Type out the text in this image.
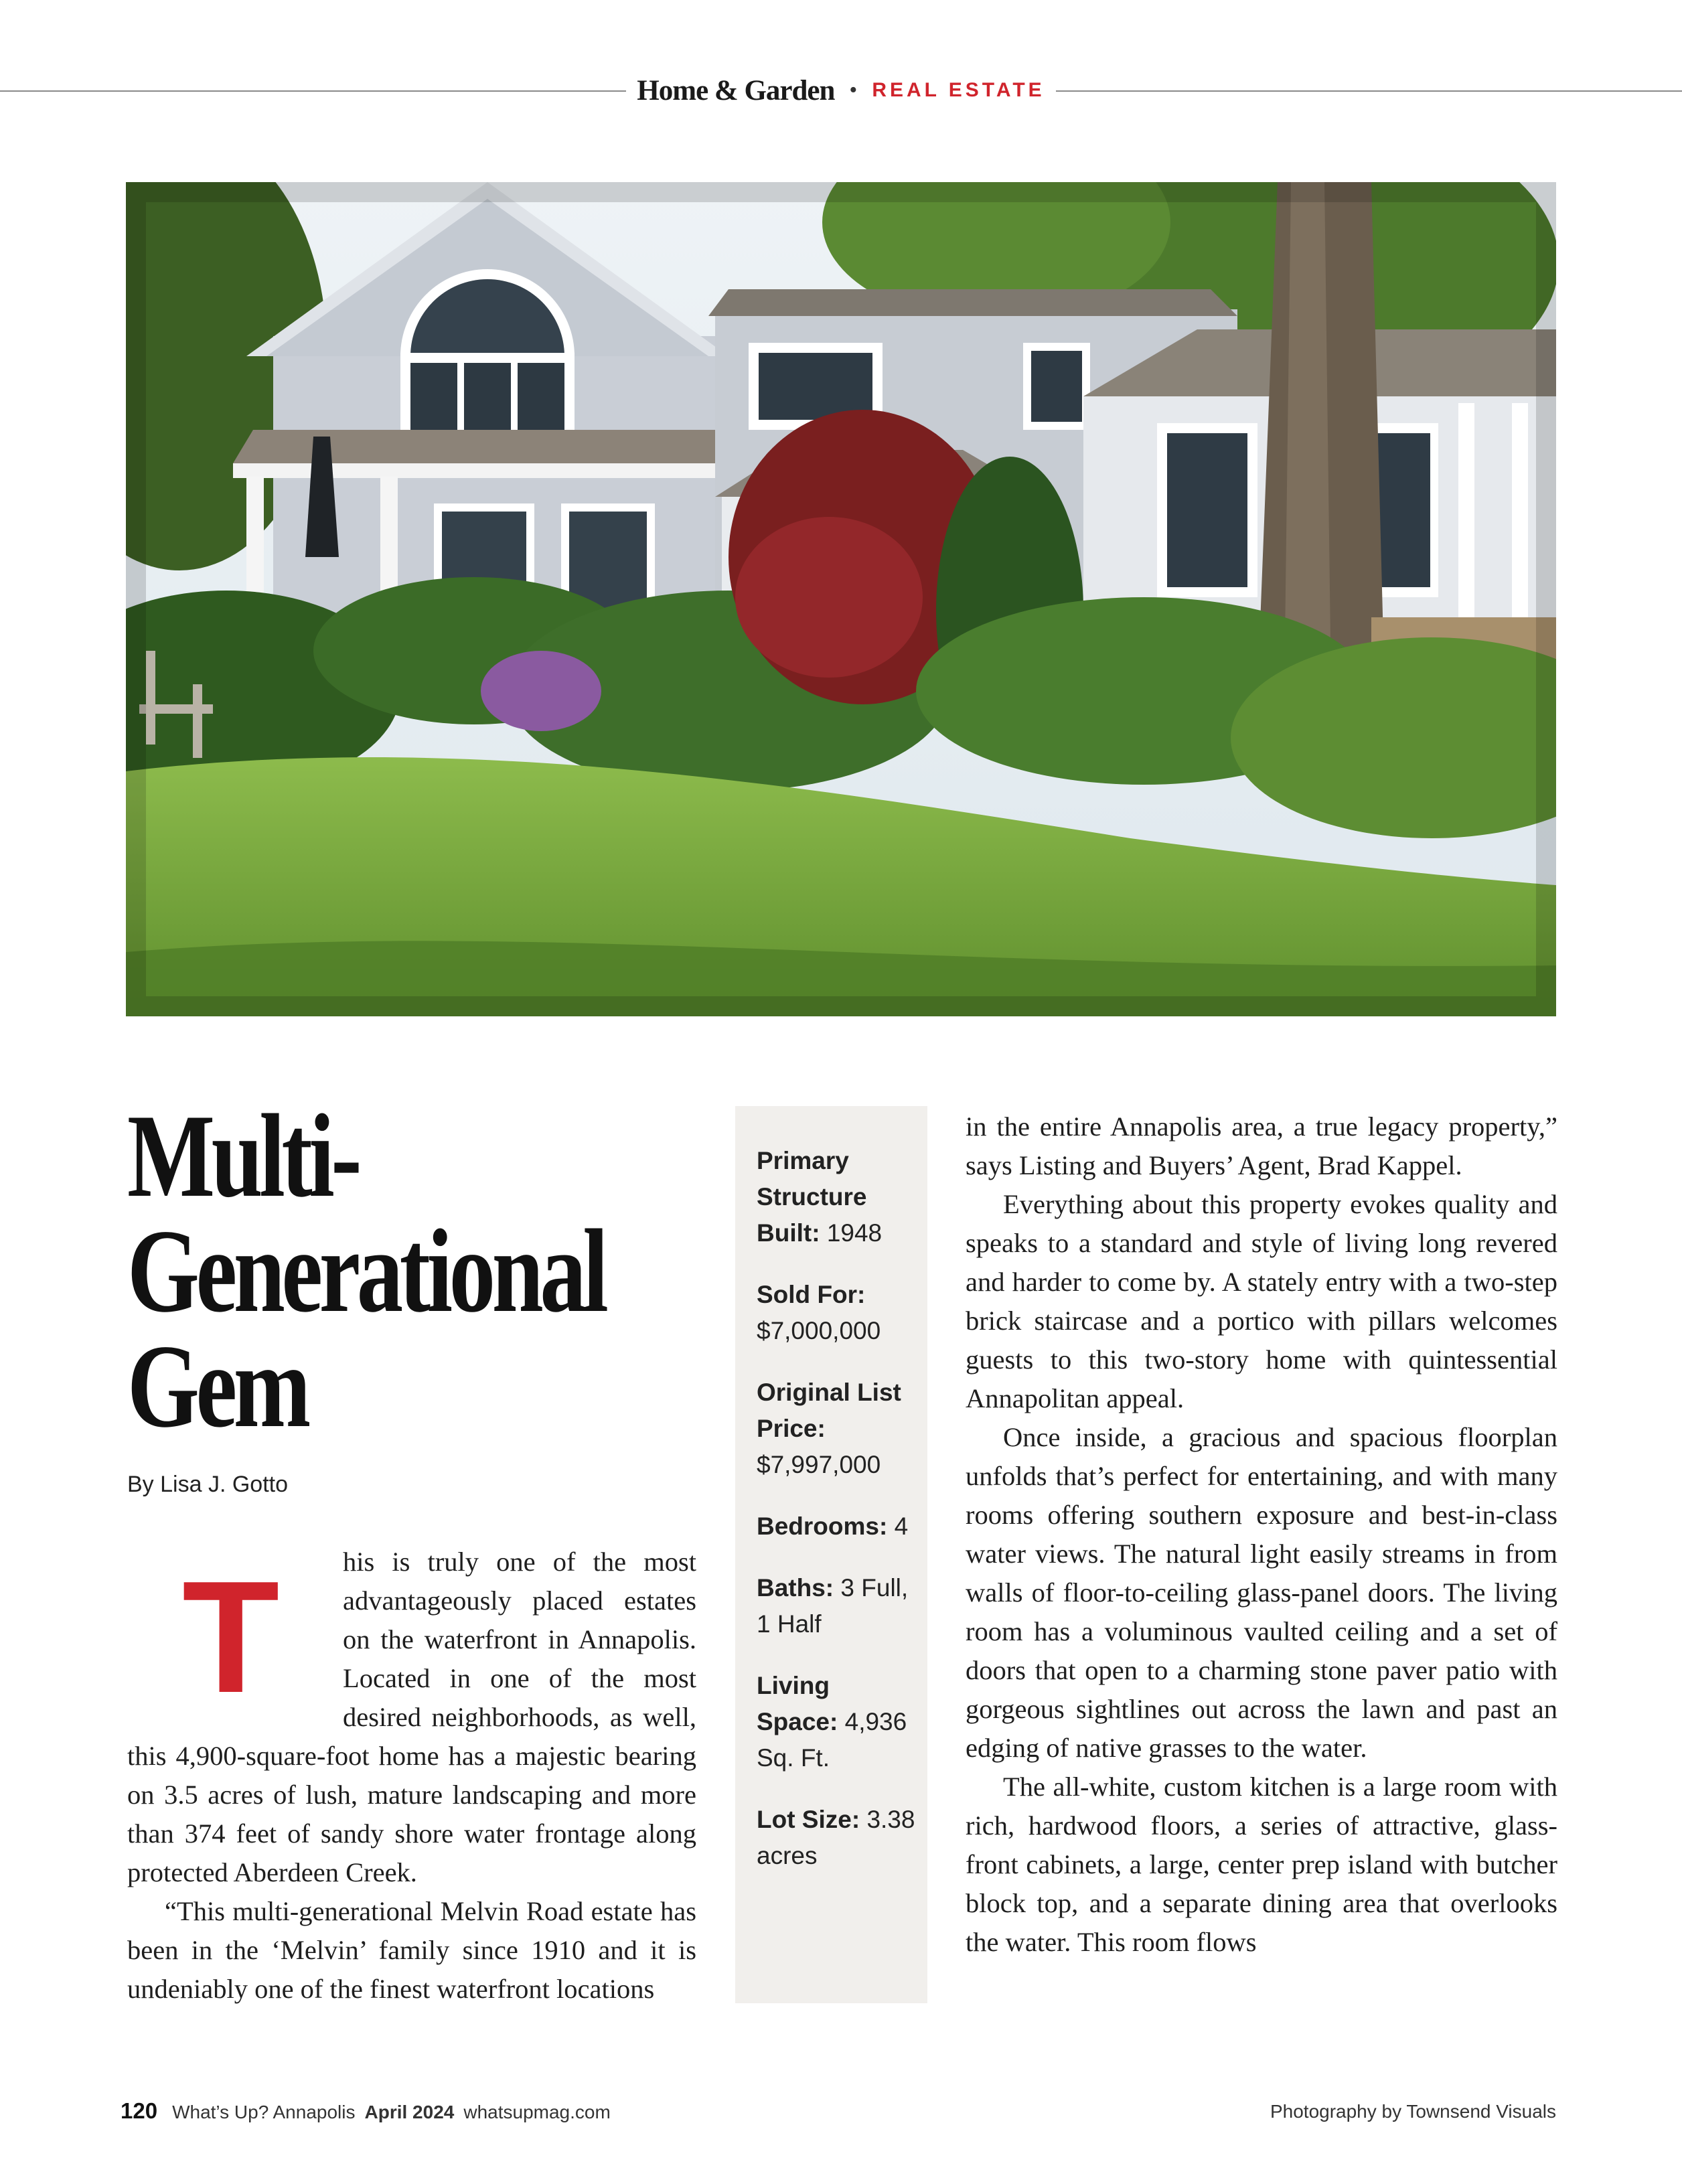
Home & Garden • REAL ESTATE
Multi-
Generational
Gem
By Lisa J. Gotto

T	his is truly one of the most advantageously placed estates on the waterfront in Annapolis. Located in one of the most desired neighborhoods, as well, this 4,900-square-foot home has a majestic bearing on 3.5 acres of lush, mature landscaping and more than 374 feet of sandy shore water frontage along protected Aberdeen Creek.

“This multi-generational Melvin Road estate has been in the ‘Melvin’ family since 1910 and it is undeniably one of the finest waterfront locations

Primary Structure Built: 1948
Sold For: $7,000,000
Original List Price: $7,997,000
Bedrooms: 4
Baths: 3 Full, 1 Half
Living Space: 4,936 Sq. Ft.
Lot Size: 3.38 acres

in the entire Annapolis area, a true legacy property,” says Listing and Buyers’ Agent, Brad Kappel.

Everything about this property evokes quality and speaks to a standard and style of living long revered and harder to come by. A stately entry with a two-step brick staircase and a portico with pillars welcomes guests to this two-story home with quintessential Annapolitan appeal.

Once inside, a gracious and spacious floorplan unfolds that’s perfect for entertaining, and with many rooms offering southern exposure and best-in-class water views. The natural light easily streams in from walls of floor-to-ceiling glass-panel doors. The living room has a voluminous vaulted ceiling and a set of doors that open to a charming stone paver patio with gorgeous sightlines out across the lawn and past an edging of native grasses to the water.

The all-white, custom kitchen is a large room with rich, hardwood floors, a series of attractive, glass-front cabinets, a large, center prep island with butcher block top, and a separate dining area that overlooks the water. This room flows

120 What’s Up? Annapolis April 2024 whatsupmag.com	Photography by Townsend Visuals
